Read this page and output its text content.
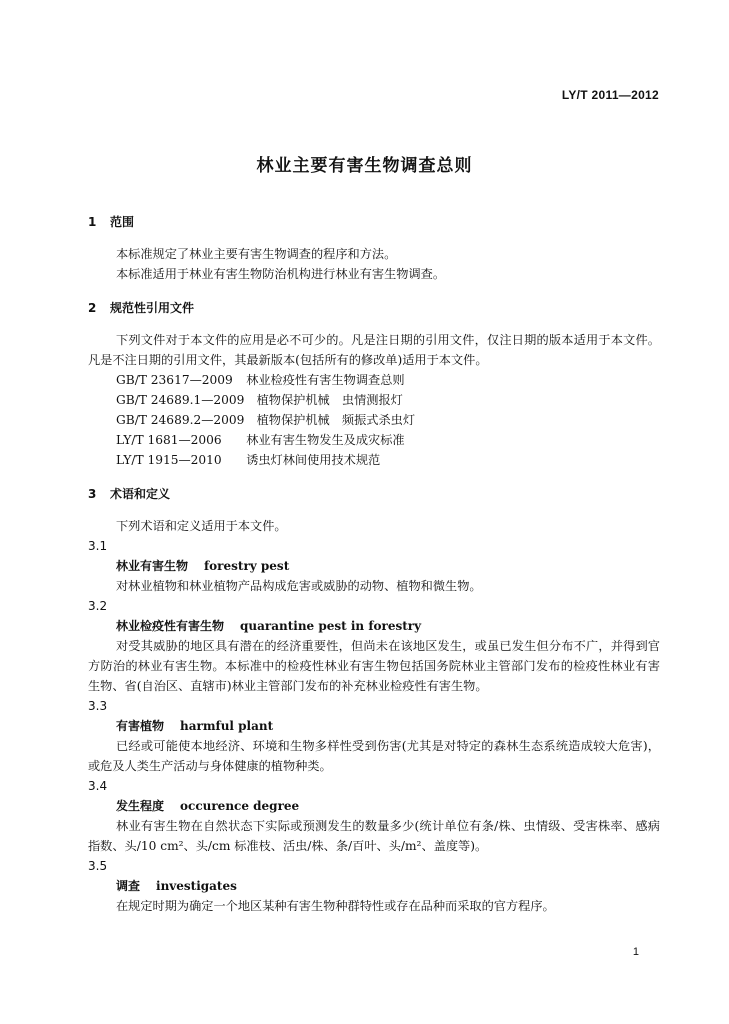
LY/T 2011—2012
林业主要有害生物调查总则
1 范围

本标准规定了林业主要有害生物调查的程序和方法。

本标准适用于林业有害生物防治机构进行林业有害生物调查。

2 规范性引用文件

下列文件对于本文件的应用是必不可少的。凡是注日期的引用文件，仅注日期的版本适用于本文件。凡是不注日期的引用文件，其最新版本(包括所有的修改单)适用于本文件。

GB/T 23617—2009　 林业检疫性有害生物调查总则
GB/T 24689.1—2009　 植物保护机械　虫情测报灯
GB/T 24689.2—2009　 植物保护机械　频振式杀虫灯
LY/T 1681—2006　 林业有害生物发生及成灾标准
LY/T 1915—2010　 诱虫灯林间使用技术规范
3 术语和定义

下列术语和定义适用于本文件。

3.1
林业有害生物 forestry pest

对林业植物和林业植物产品构成危害或威胁的动物、植物和微生物。

3.2
林业检疫性有害生物 quarantine pest in forestry

对受其威胁的地区具有潜在的经济重要性，但尚未在该地区发生，或虽已发生但分布不广，并得到官方防治的林业有害生物。本标准中的检疫性林业有害生物包括国务院林业主管部门发布的检疫性林业有害生物、省(自治区、直辖市)林业主管部门发布的补充林业检疫性有害生物。

3.3
有害植物 harmful plant

已经或可能使本地经济、环境和生物多样性受到伤害(尤其是对特定的森林生态系统造成较大危害)，或危及人类生产活动与身体健康的植物种类。

3.4
发生程度 occurence degree

林业有害生物在自然状态下实际或预测发生的数量多少(统计单位有条/株、虫情级、受害株率、感病指数、头/10 cm²、头/cm 标准枝、活虫/株、条/百叶、头/m²、盖度等)。

3.5
调查 investigates

在规定时期为确定一个地区某种有害生物种群特性或存在品种而采取的官方程序。

1
